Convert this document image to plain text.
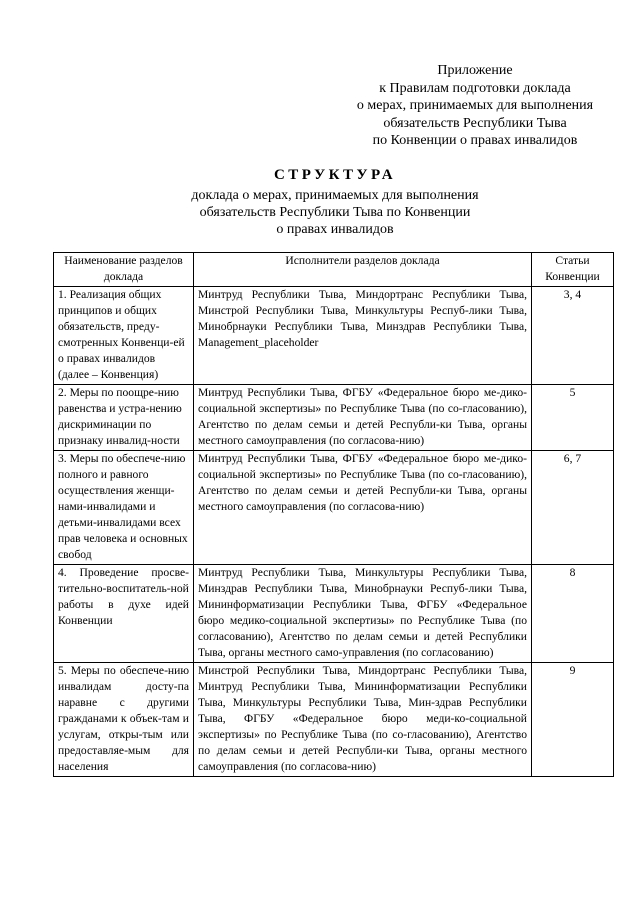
Приложение
к Правилам подготовки доклада
о мерах, принимаемых для выполнения
обязательств Республики Тыва
по Конвенции о правах инвалидов
СТРУКТУРА
доклада о мерах, принимаемых для выполнения
обязательств Республики Тыва по Конвенции
о правах инвалидов
Наименование разделов доклада	Исполнители разделов доклада	Статьи Конвенции
1. Реализация общих принципов и общих обязательств, преду-смотренных Конвенци-ей о правах инвалидов (далее – Конвенция)	Минтруд Республики Тыва, Миндортранс Республики Тыва, Минстрой Республики Тыва, Минкультуры Респуб-лики Тыва, Минобрнауки Республики Тыва, Минздрав Республики Тыва, Management_placeholder	3, 4
2. Меры по поощре-нию равенства и устра-нению дискриминации по признаку инвалид-ности	Минтруд Республики Тыва, ФГБУ «Федеральное бюро ме-дико-социальной экспертизы» по Республике Тыва (по со-гласованию), Агентство по делам семьи и детей Республи-ки Тыва, органы местного самоуправления (по согласова-нию)	5
3. Меры по обеспече-нию полного и равного осуществления женщи-нами-инвалидами и детьми-инвалидами всех прав человека и основных свобод	Минтруд Республики Тыва, ФГБУ «Федеральное бюро ме-дико-социальной экспертизы» по Республике Тыва (по со-гласованию), Агентство по делам семьи и детей Республи-ки Тыва, органы местного самоуправления (по согласова-нию)	6, 7
4. Проведение просве-тительно-воспитатель-ной работы в духе идей Конвенции	Минтруд Республики Тыва, Минкультуры Республики Тыва, Минздрав Республики Тыва, Минобрнауки Респуб-лики Тыва, Mининформатизации Республики Тыва, ФГБУ «Федеральное бюро медико-социальной экспертизы» по Республике Тыва (по согласованию), Агентство по делам семьи и детей Республики Тыва, органы местного само-управления (по согласованию)	8
5. Меры по обеспече-нию инвалидам досту-па наравне с другими гражданами к объек-там и услугам, откры-тым или предоставляе-мым для населения	Минстрой Республики Тыва, Миндортранс Республики Тыва, Минтруд Республики Тыва, Mининформатизации Республики Тыва, Минкультуры Республики Тыва, Мин-здрав Республики Тыва, ФГБУ «Федеральное бюро меди-ко-социальной экспертизы» по Республике Тыва (по со-гласованию), Агентство по делам семьи и детей Республи-ки Тыва, органы местного самоуправления (по согласова-нию)	9
